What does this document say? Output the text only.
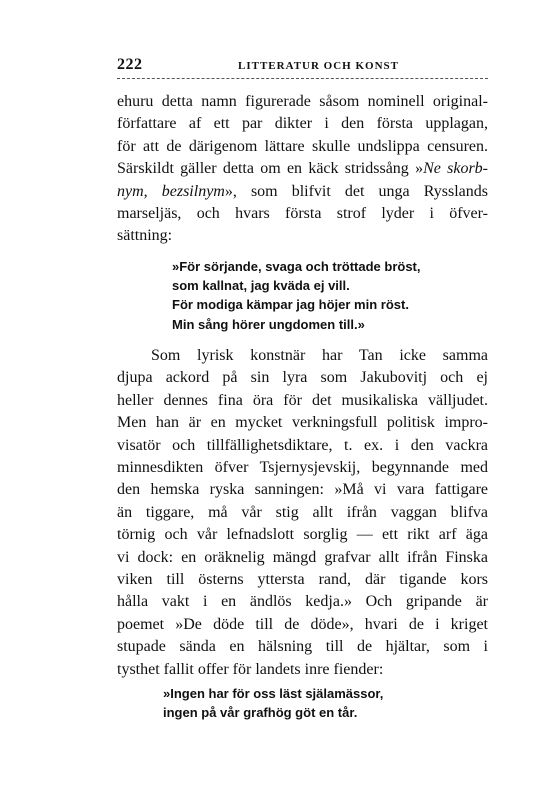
222	LITTERATUR OCH KONST
ehuru detta namn figurerade såsom nominell original-
författare af ett par dikter i den första upplagan,
för att de därigenom lättare skulle undslippa censuren.
Särskildt gäller detta om en käck stridssång »Ne skorb-
nym, bezsilnym», som blifvit det unga Rysslands
marseljäs, och hvars första strof lyder i öfver-
sättning:
»För sörjande, svaga och tröttade bröst,
som kallnat, jag kväda ej vill.
För modiga kämpar jag höjer min röst.
Min sång hörer ungdomen till.»
Som lyrisk konstnär har Tan icke samma
djupa ackord på sin lyra som Jakubovitj och ej
heller dennes fina öra för det musikaliska välljudet.
Men han är en mycket verkningsfull politisk impro-
visatör och tillfällighetsdiktare, t. ex. i den vackra
minnesdikten öfver Tsjernysjevskij, begynnande med
den hemska ryska sanningen: »Må vi vara fattigare
än tiggare, må vår stig allt ifrån vaggan blifva
törnig och vår lefnadslott sorglig — ett rikt arf äga
vi dock: en oräknelig mängd grafvar allt ifrån Finska
viken till österns yttersta rand, där tigande kors
hålla vakt i en ändlös kedja.» Och gripande är
poemet »De döde till de döde», hvari de i kriget
stupade sända en hälsning till de hjältar, som i
tysthet fallit offer för landets inre fiender:
»Ingen har för oss läst själamässor,
ingen på vår grafhög göt en tår.
